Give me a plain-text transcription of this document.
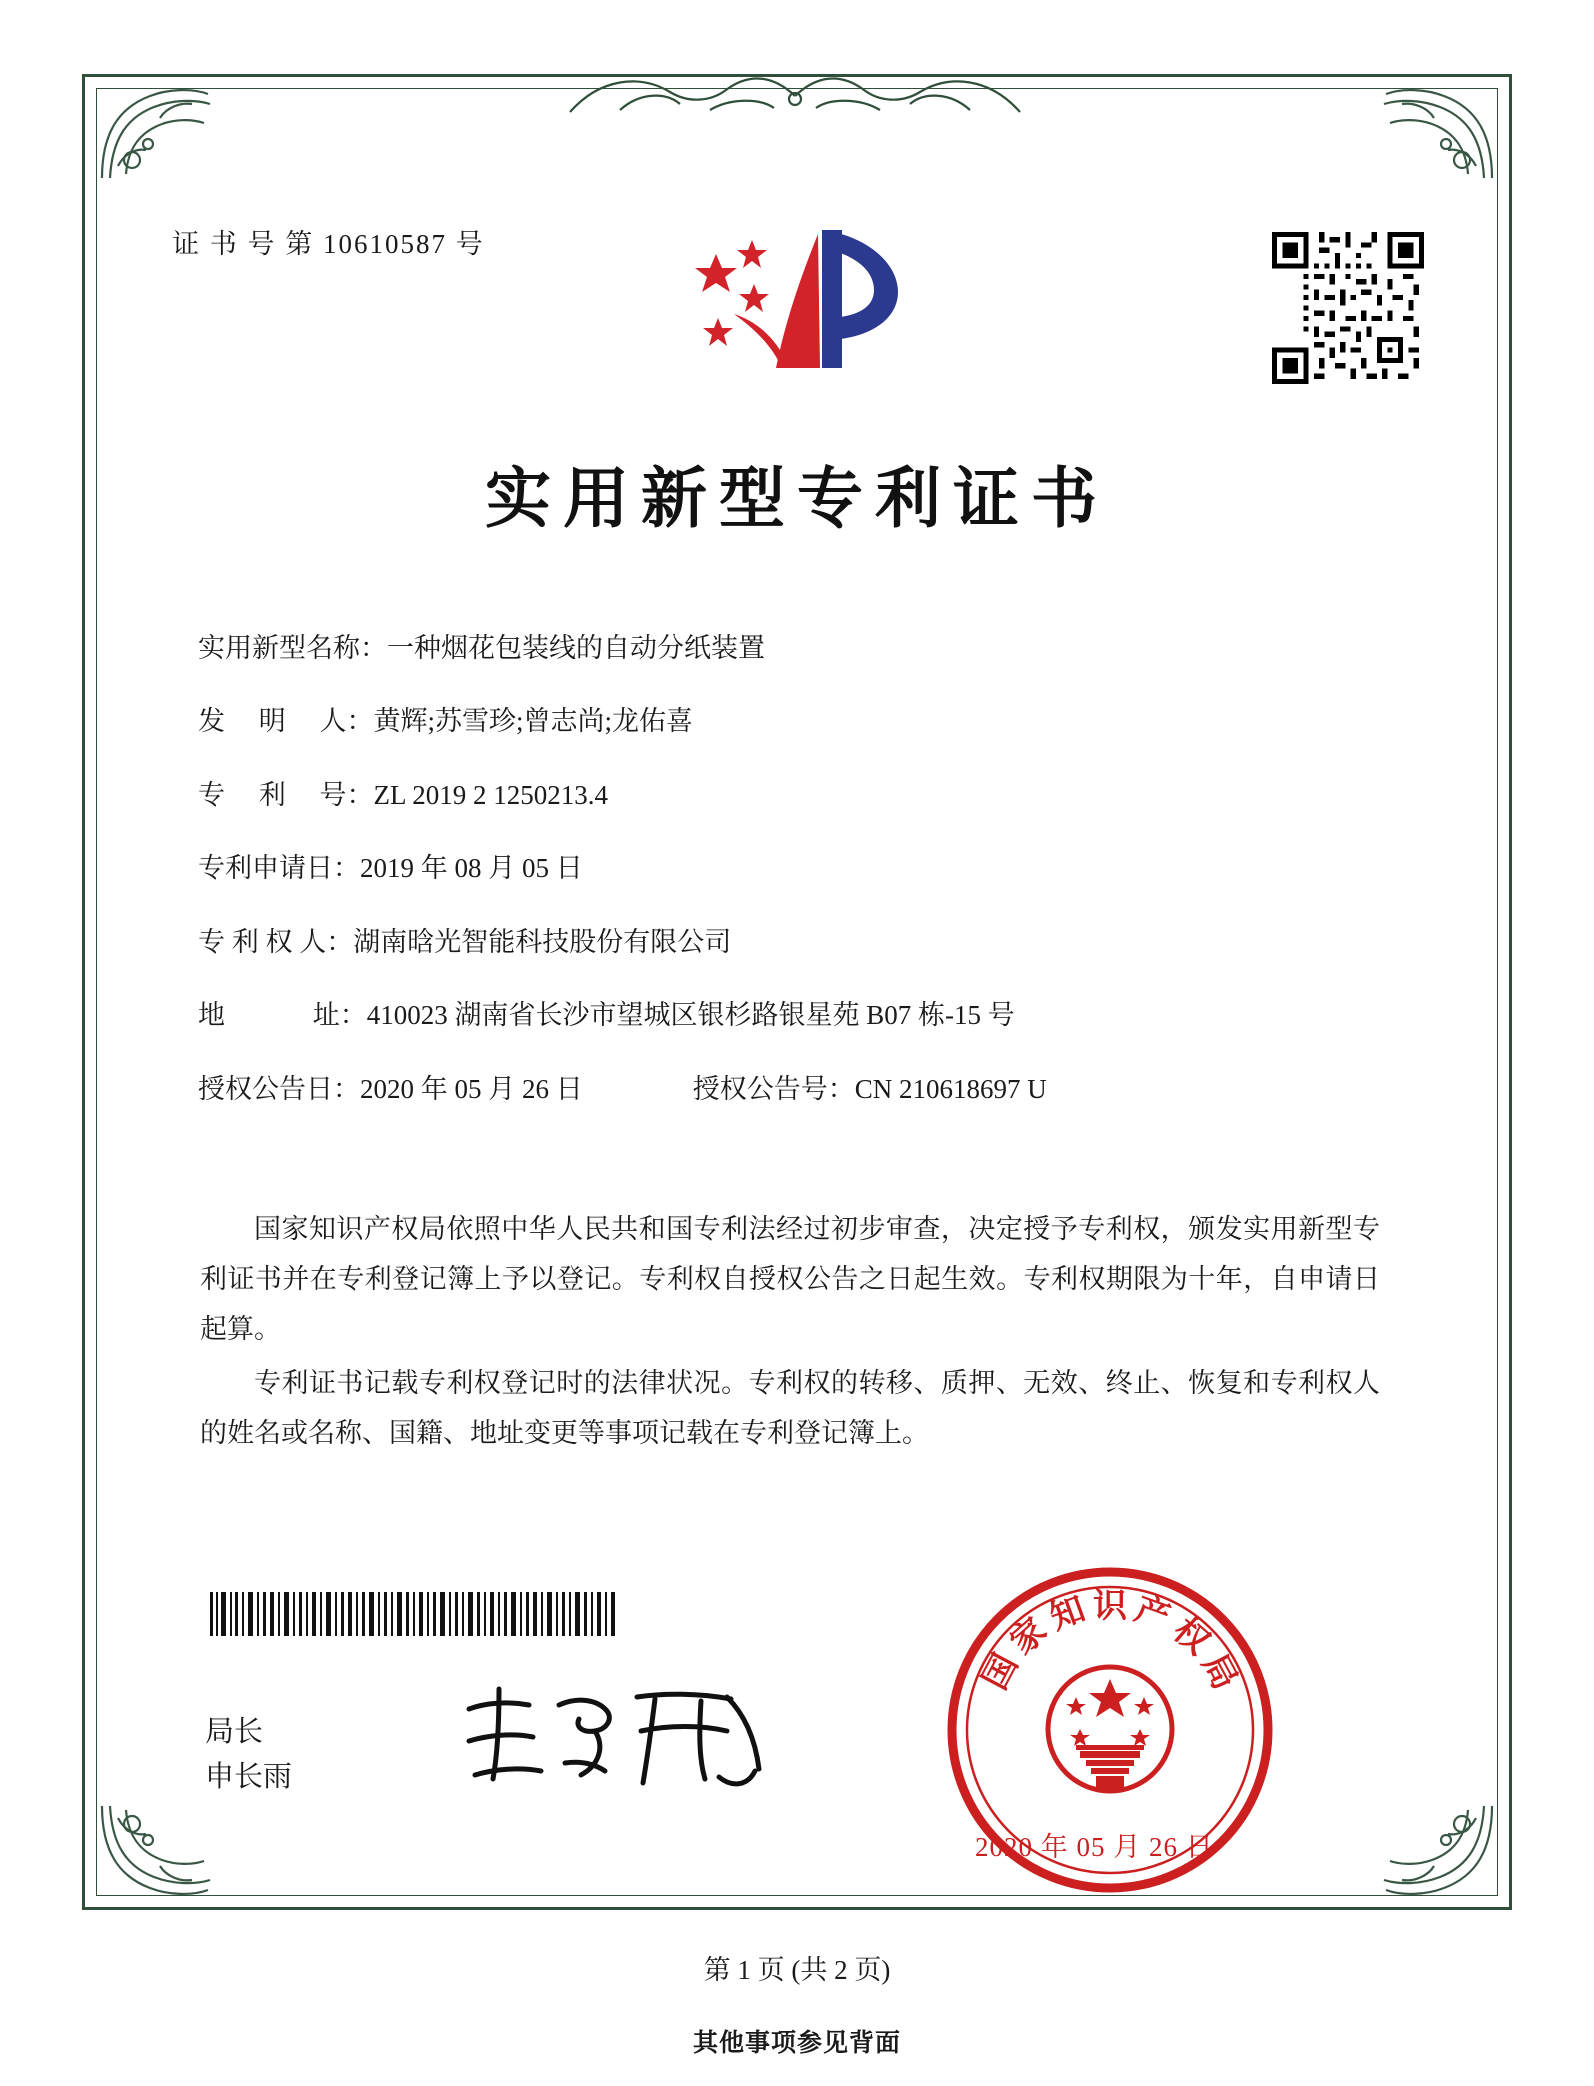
证 书 号 第 10610587 号
实用新型专利证书
实用新型名称： 一种烟花包装线的自动分纸装置
发　 明　 人： 黄辉;苏雪珍;曾志尚;龙佑喜
专　 利　 号： ZL 2019 2 1250213.4
专利申请日： 2019 年 08 月 05 日
专 利 权 人： 湖南晗光智能科技股份有限公司
地　　　 址： 410023 湖南省长沙市望城区银杉路银星苑 B07 栋-15 号
授权公告日： 2020 年 05 月 26 日	授权公告号： CN 210618697 U

国家知识产权局依照中华人民共和国专利法经过初步审查，决定授予专利权，颁发实用新型专利证书并在专利登记簿上予以登记。专利权自授权公告之日起生效。专利权期限为十年，自申请日起算。

专利证书记载专利权登记时的法律状况。专利权的转移、质押、无效、终止、恢复和专利权人的姓名或名称、国籍、地址变更等事项记载在专利登记簿上。

局长
申长雨
国
家
知 识 产
权
局
2020 年 05 月 26 日
第 1 页 (共 2 页)
其他事项参见背面
